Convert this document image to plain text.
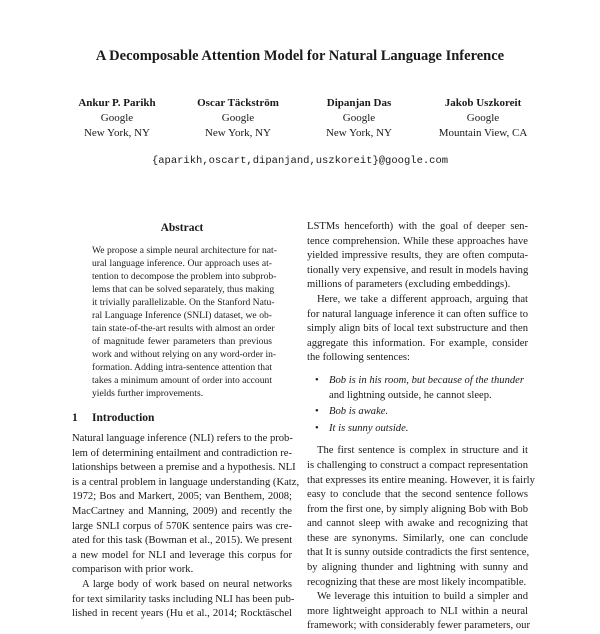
A Decomposable Attention Model for Natural Language Inference
Ankur P. Parikh
Google
New York, NY
Oscar Täckström
Google
New York, NY
Dipanjan Das
Google
New York, NY
Jakob Uszkoreit
Google
Mountain View, CA
{aparikh,oscart,dipanjand,uszkoreit}@google.com
Abstract
We propose a simple neural architecture for nat-
ural language inference. Our approach uses at-
tention to decompose the problem into subprob-
lems that can be solved separately, thus making
it trivially parallelizable. On the Stanford Natu-
ral Language Inference (SNLI) dataset, we ob-
tain state-of-the-art results with almost an order
of magnitude fewer parameters than previous
work and without relying on any word-order in-
formation. Adding intra-sentence attention that
takes a minimum amount of order into account
yields further improvements.
1 Introduction
Natural language inference (NLI) refers to the prob-
lem of determining entailment and contradiction re-
lationships between a premise and a hypothesis. NLI
is a central problem in language understanding (Katz,
1972; Bos and Markert, 2005; van Benthem, 2008;
MacCartney and Manning, 2009) and recently the
large SNLI corpus of 570K sentence pairs was cre-
ated for this task (Bowman et al., 2015). We present
a new model for NLI and leverage this corpus for
comparison with prior work.
A large body of work based on neural networks
for text similarity tasks including NLI has been pub-
lished in recent years (Hu et al., 2014; Rocktäschel
LSTMs henceforth) with the goal of deeper sen-
tence comprehension. While these approaches have
yielded impressive results, they are often computa-
tionally very expensive, and result in models having
millions of parameters (excluding embeddings).
Here, we take a different approach, arguing that
for natural language inference it can often suffice to
simply align bits of local text substructure and then
aggregate this information. For example, consider
the following sentences:
• Bob is in his room, but because of the thunder
and lightning outside, he cannot sleep.
• Bob is awake.
• It is sunny outside.
The first sentence is complex in structure and it
is challenging to construct a compact representation
that expresses its entire meaning. However, it is fairly
easy to conclude that the second sentence follows
from the first one, by simply aligning Bob with Bob
and cannot sleep with awake and recognizing that
these are synonyms. Similarly, one can conclude
that It is sunny outside contradicts the first sentence,
by aligning thunder and lightning with sunny and
recognizing that these are most likely incompatible.
We leverage this intuition to build a simpler and
more lightweight approach to NLI within a neural
framework; with considerably fewer parameters, our
